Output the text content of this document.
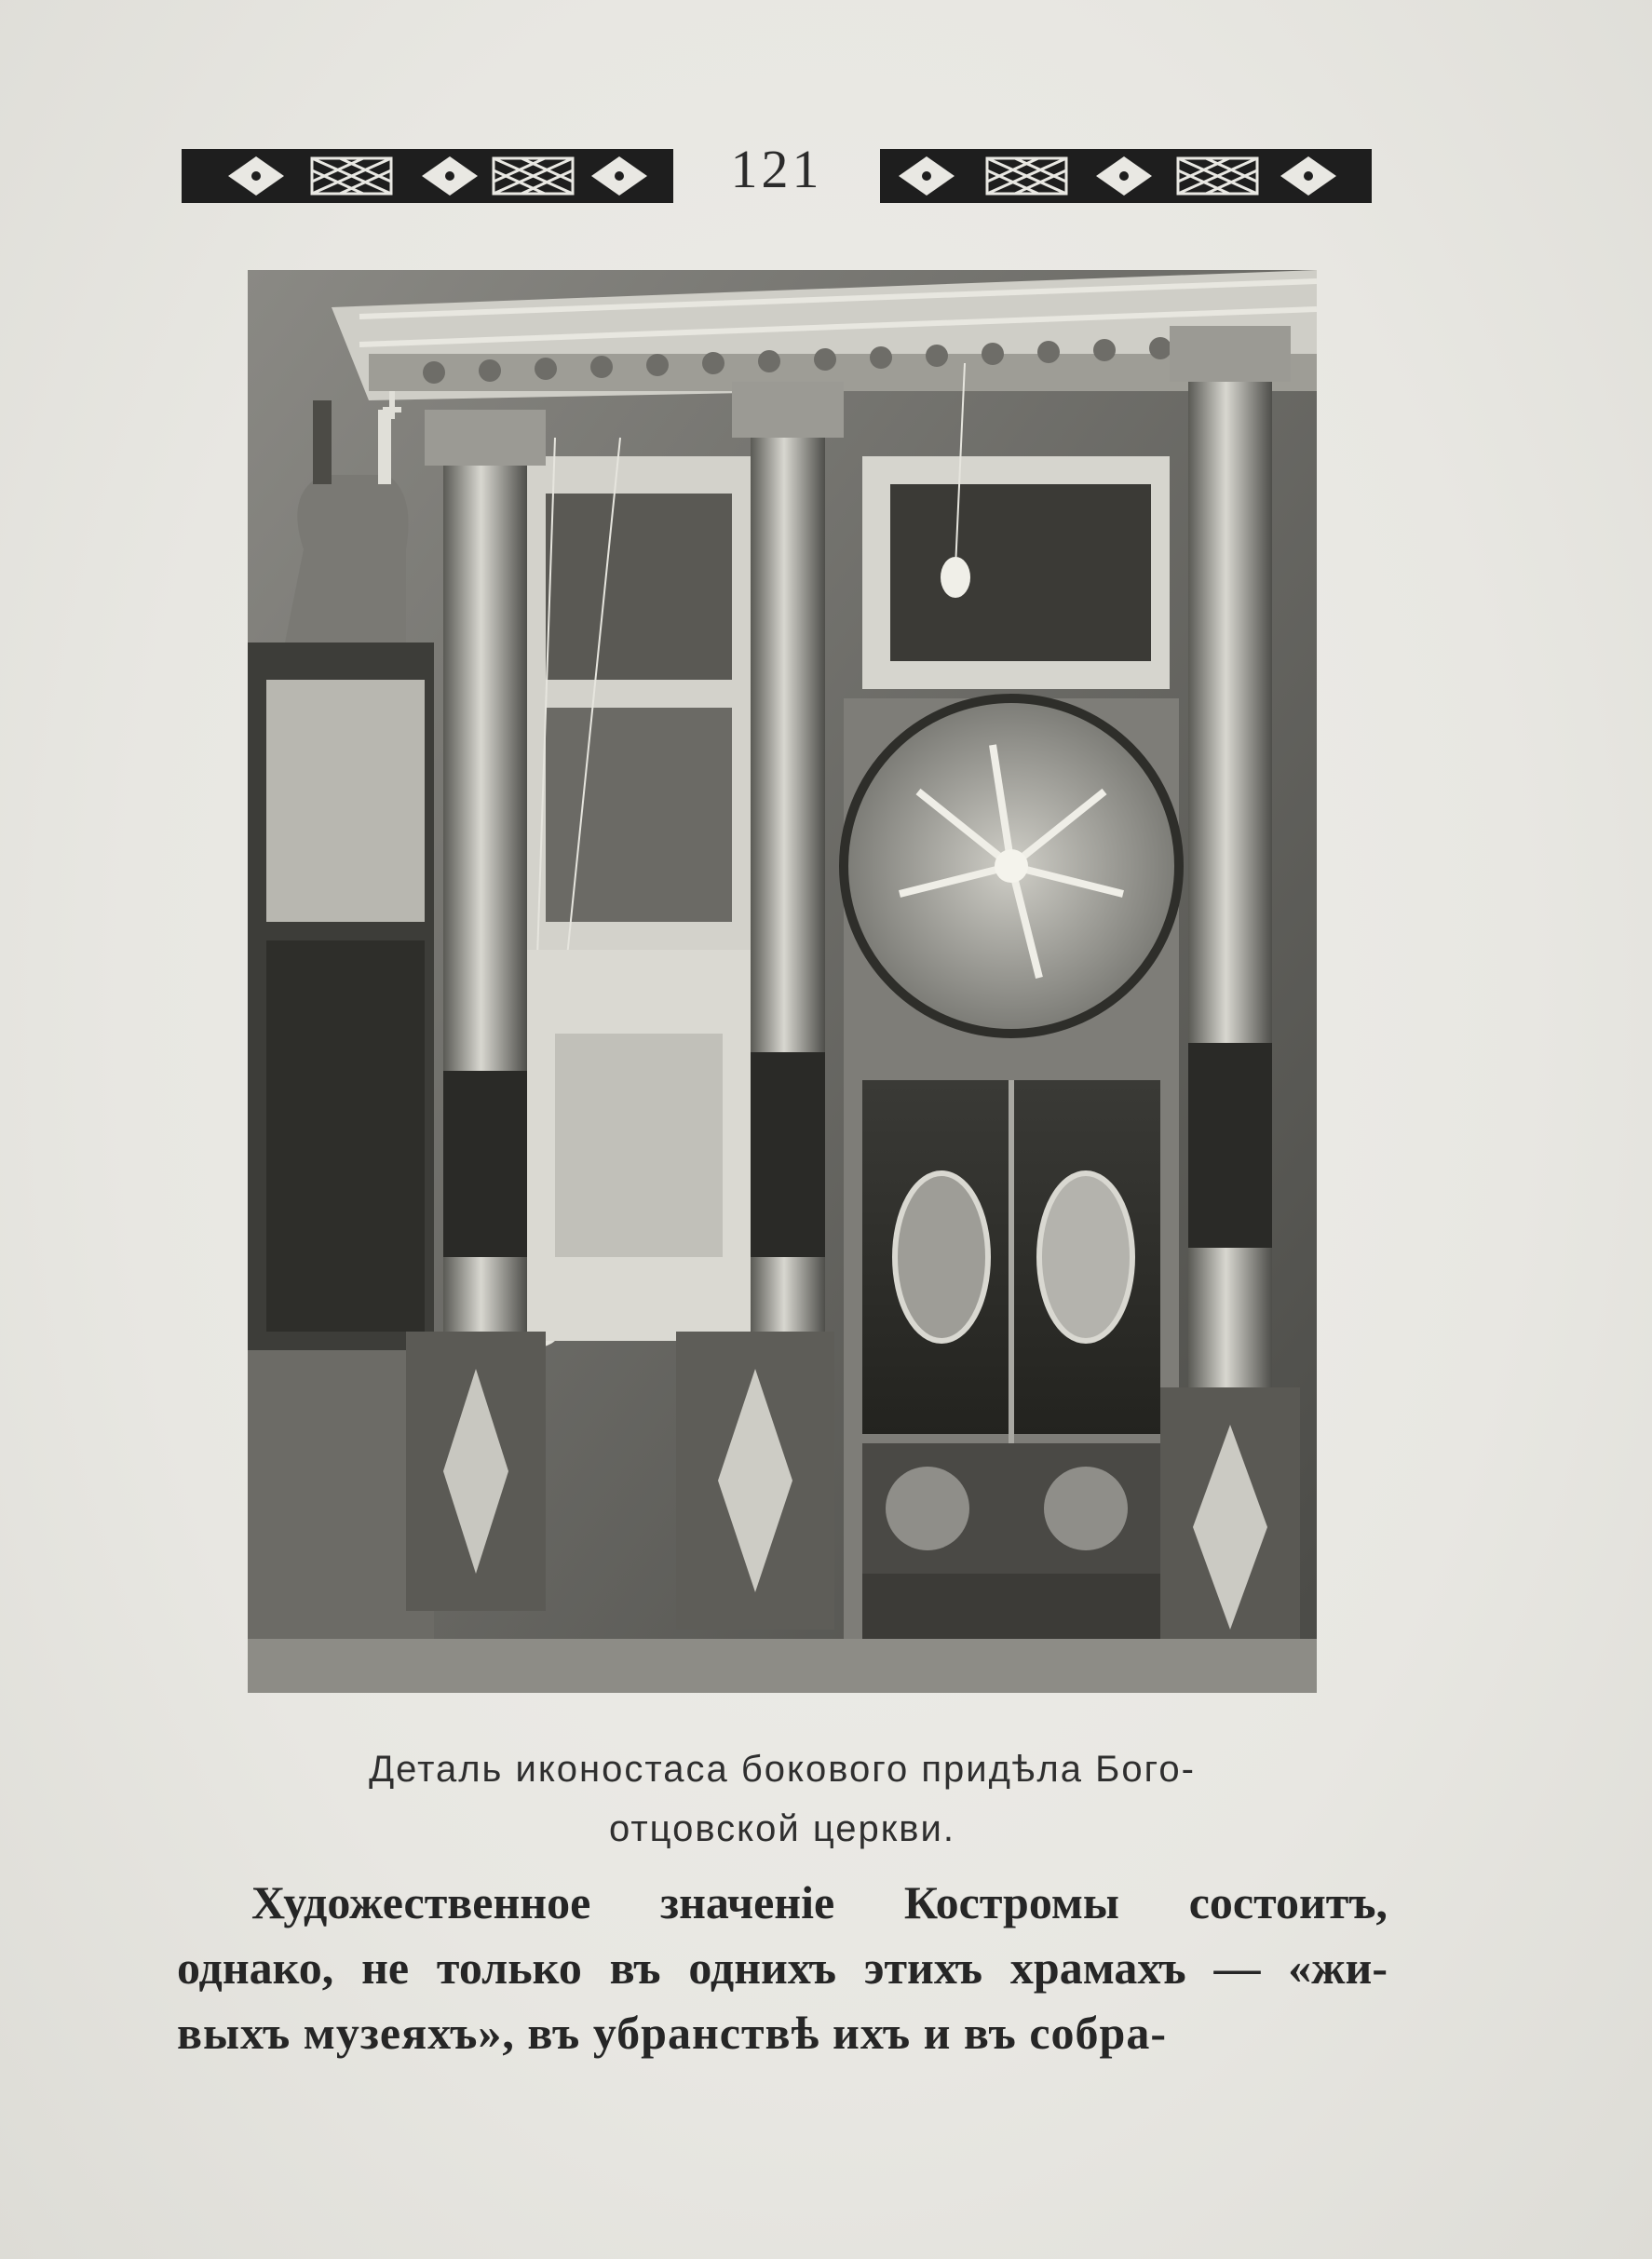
121
Деталь иконостаса бокового придѣла Бого-
отцовской церкви.
Художественное значеніе Костромы состоитъ,
однако, не только въ однихъ этихъ храмахъ — «жи-
выхъ музеяхъ», въ убранствѣ ихъ и въ собра-
